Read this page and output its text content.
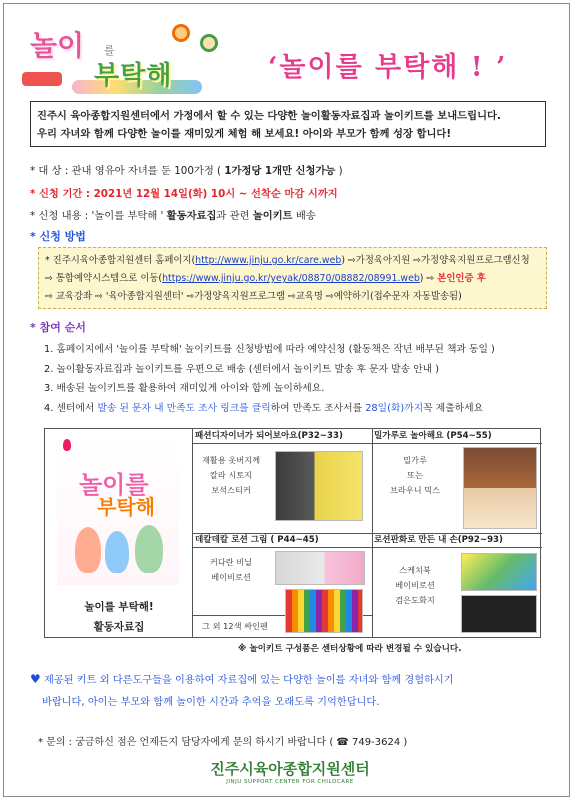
놀이 를
부탁해	‘놀이를 부탁해 ! ’
진주시 육아종합지원센터에서 가정에서 할 수 있는 다양한 놀이활동자료집과 놀이키트를 보내드립니다.
우리 자녀와 함께 다양한 놀이를 재미있게 체험 해 보세요! 아이와 부모가 함께 성장 합니다!
* 대 상 : 관내 영유아 자녀를 둔 100가정 ( 1가정당 1개만 신청가능 )
* 신청 기간 : 2021년 12월 14일(화) 10시 ~ 선착순 마감 시까지
* 신청 내용 : '놀이를 부탁해 ' 활동자료집과 관련 놀이키트 배송
* 신청 방법
* 진주시육아종합지원센터 홈페이지(http://www.jinju.go.kr/care.web) ⇨가정육아지원 ⇨가정양육지원프로그램신청
⇨ 통합예약시스템으로 이동(https://www.jinju.go.kr/yeyak/08870/08882/08991.web) ⇨ 본인인증 후
⇨ 교육강좌 ⇨ '육아종합지원센터' ⇨가정양육지원프로그램 ⇨교육명 ⇨예약하기(접수문자 자동발송됨)
* 참여 순서
1. 홈페이지에서 '놀이를 부탁해' 놀이키트를 신청방법에 따라 예약신청 (활동책은 작년 배부된 책과 동일 )
2. 놀이활동자료집과 놀이키트를 우편으로 배송 (센터에서 놀이키트 발송 후 문자 발송 안내 )
3. 배송된 놀이키트를 활용하여 재미있게 아이와 함께 놀이하세요.
4. 센터에서 발송 된 문자 내 만족도 조사 링크를 클릭하여 만족도 조사서를 28일(화)까지꼭 제출하세요
놀이를
부탁해
놀이를 부탁해!
활동자료집
패션디자이너가 되어보아요(P32~33)
재활용 옷버지께
칼라 시토지
보석스티커
밀가루로 놀아해요 (P54~55)
밀가루
또는
브라우니 믹스
데칼데칼 로션 그림 ( P44~45)
커다란 비닐
베이비로션
그 외 12색 싸인펜
로션판화로 만든 내 손(P92~93)
스케치북
베이비로션
검은도화지
※ 놀이키트 구성품은 센터상황에 따라 변경될 수 있습니다.
♥ 제공된 키트 외 다른도구들을 이용하여 자료집에 있는 다양한 놀이를 자녀와 함께 경험하시기
바랍니다, 아이는 부모와 함께 놀이한 시간과 추억을 오래도록 기억한답니다.
* 문의 : 궁금하신 점은 언제든지 담당자에게 문의 하시기 바랍니다 ( ☎ 749-3624 )
진주시육아종합지원센터
JINJU SUPPORT CENTER FOR CHILDCARE
